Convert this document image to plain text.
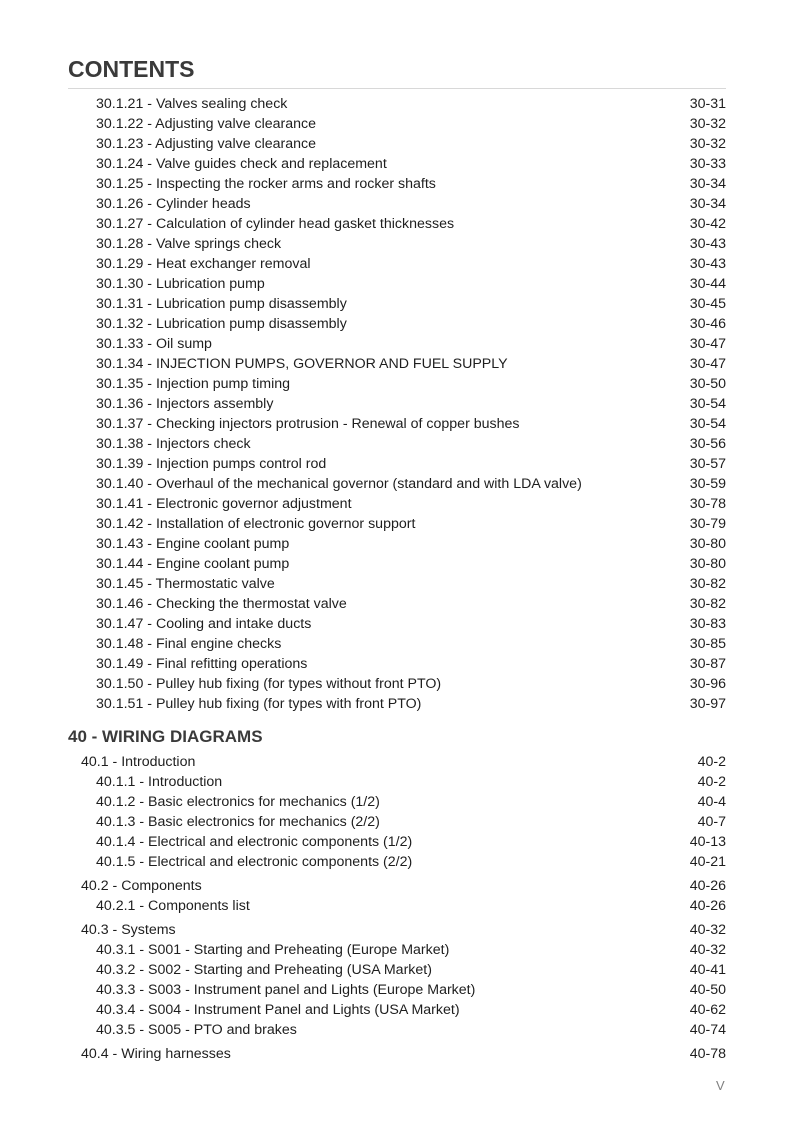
CONTENTS
30.1.21 - Valves sealing check	30-31
30.1.22 - Adjusting valve clearance	30-32
30.1.23 - Adjusting valve clearance	30-32
30.1.24 - Valve guides check and replacement	30-33
30.1.25 - Inspecting the rocker arms and rocker shafts	30-34
30.1.26 - Cylinder heads	30-34
30.1.27 - Calculation of cylinder head gasket thicknesses	30-42
30.1.28 - Valve springs check	30-43
30.1.29 - Heat exchanger removal	30-43
30.1.30 - Lubrication pump	30-44
30.1.31 - Lubrication pump disassembly	30-45
30.1.32 - Lubrication pump disassembly	30-46
30.1.33 - Oil sump	30-47
30.1.34 - INJECTION PUMPS, GOVERNOR AND FUEL SUPPLY	30-47
30.1.35 - Injection pump timing	30-50
30.1.36 - Injectors assembly	30-54
30.1.37 - Checking injectors protrusion - Renewal of copper bushes	30-54
30.1.38 - Injectors check	30-56
30.1.39 - Injection pumps control rod	30-57
30.1.40 - Overhaul of the mechanical governor (standard and with LDA valve)	30-59
30.1.41 - Electronic governor adjustment	30-78
30.1.42 - Installation of electronic governor support	30-79
30.1.43 - Engine coolant pump	30-80
30.1.44 - Engine coolant pump	30-80
30.1.45 - Thermostatic valve	30-82
30.1.46 - Checking the thermostat valve	30-82
30.1.47 - Cooling and intake ducts	30-83
30.1.48 - Final engine checks	30-85
30.1.49 - Final refitting operations	30-87
30.1.50 - Pulley hub fixing (for types without front PTO)	30-96
30.1.51 - Pulley hub fixing (for types with front PTO)	30-97
40 - WIRING DIAGRAMS
40.1 - Introduction	40-2
40.1.1 - Introduction	40-2
40.1.2 - Basic electronics for mechanics (1/2)	40-4
40.1.3 - Basic electronics for mechanics (2/2)	40-7
40.1.4 - Electrical and electronic components (1/2)	40-13
40.1.5 - Electrical and electronic components (2/2)	40-21
40.2 - Components	40-26
40.2.1 - Components list	40-26
40.3 - Systems	40-32
40.3.1 - S001 - Starting and Preheating (Europe Market)	40-32
40.3.2 - S002 - Starting and Preheating (USA Market)	40-41
40.3.3 - S003 - Instrument panel and Lights (Europe Market)	40-50
40.3.4 - S004 - Instrument Panel and Lights (USA Market)	40-62
40.3.5 - S005 - PTO and brakes	40-74
40.4 - Wiring harnesses	40-78
V
